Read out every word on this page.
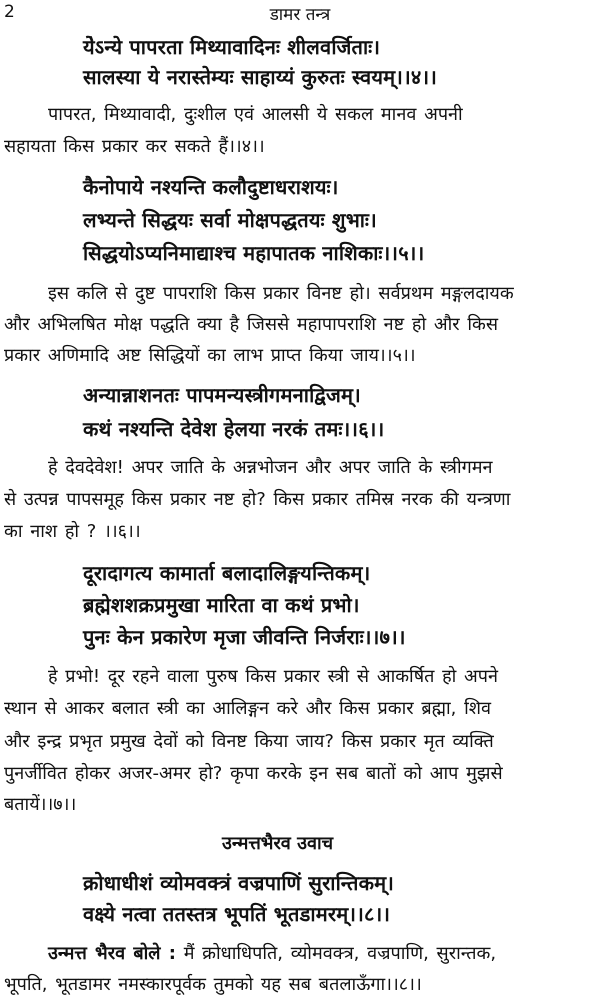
2	डामर तन्त्र
ये॓ऽन्ये पापरता मिथ्यावादिनः शीलवर्जिताः।
सालस्या ये नरास्तेम्यः साहाय्यं कुरुतः स्वयम्।।४।।
पापरत, मिथ्यावादी, दुःशील एवं आलसी ये सकल मानव अपनी
सहायता किस प्रकार कर सकते हैं।।४।।
कैनोपाये नश्यन्ति कलौदुष्टाधराशयः।
लभ्यन्ते सिद्धयः सर्वा मोक्षपद्धतयः शुभाः।
सिद्धयोऽप्यनिमाद्याश्च महापातक नाशिकाः।।५।।
इस कलि से दुष्ट पापराशि किस प्रकार विनष्ट हो। सर्वप्रथम मङ्गलदायक
और अभिलषित मोक्ष पद्धति क्या है जिससे महापापराशि नष्ट हो और किस
प्रकार अणिमादि अष्ट सिद्धियों का लाभ प्राप्त किया जाय।।५।।
अन्यान्नाशनतः पापमन्यस्त्रीगमनाद्विजम्।
कथं नश्यन्ति देवेश हेलया नरकं तमः।।६।।
हे देवदेवेश! अपर जाति के अन्नभोजन और अपर जाति के स्त्रीगमन
से उत्पन्न पापसमूह किस प्रकार नष्ट हो? किस प्रकार तमिस्र नरक की यन्त्रणा
का नाश हो ? ।।६।।
दूरादागत्य कामार्ता बलादालिङ्गयन्तिकम्।
ब्रह्मेशशक्रप्रमुखा मारिता वा कथं प्रभो।
पुनः केन प्रकारेण मृजा जीवन्ति निर्जराः।।७।।
हे प्रभो! दूर रहने वाला पुरुष किस प्रकार स्त्री से आकर्षित हो अपने
स्थान से आकर बलात स्त्री का आलिङ्गन करे और किस प्रकार ब्रह्मा, शिव
और इन्द्र प्रभृत प्रमुख देवों को विनष्ट किया जाय? किस प्रकार मृत व्यक्ति
पुनर्जीवित होकर अजर-अमर हो? कृपा करके इन सब बातों को आप मुझसे
बतायें।।७।।
उन्मत्तभैरव उवाच
क्रोधाधीशं व्योमवक्त्रं वज्रपाणिं सुरान्तिकम्।
वक्ष्ये नत्वा ततस्तत्र भूपतिं भूतडामरम्।।८।।
उन्मत्त भैरव बोले : मैं क्रोधाधिपति, व्योमवक्त्र, वज्रपाणि, सुरान्तक,
भूपति, भूतडामर नमस्कारपूर्वक तुमको यह सब बतलाऊँगा।।८।।
